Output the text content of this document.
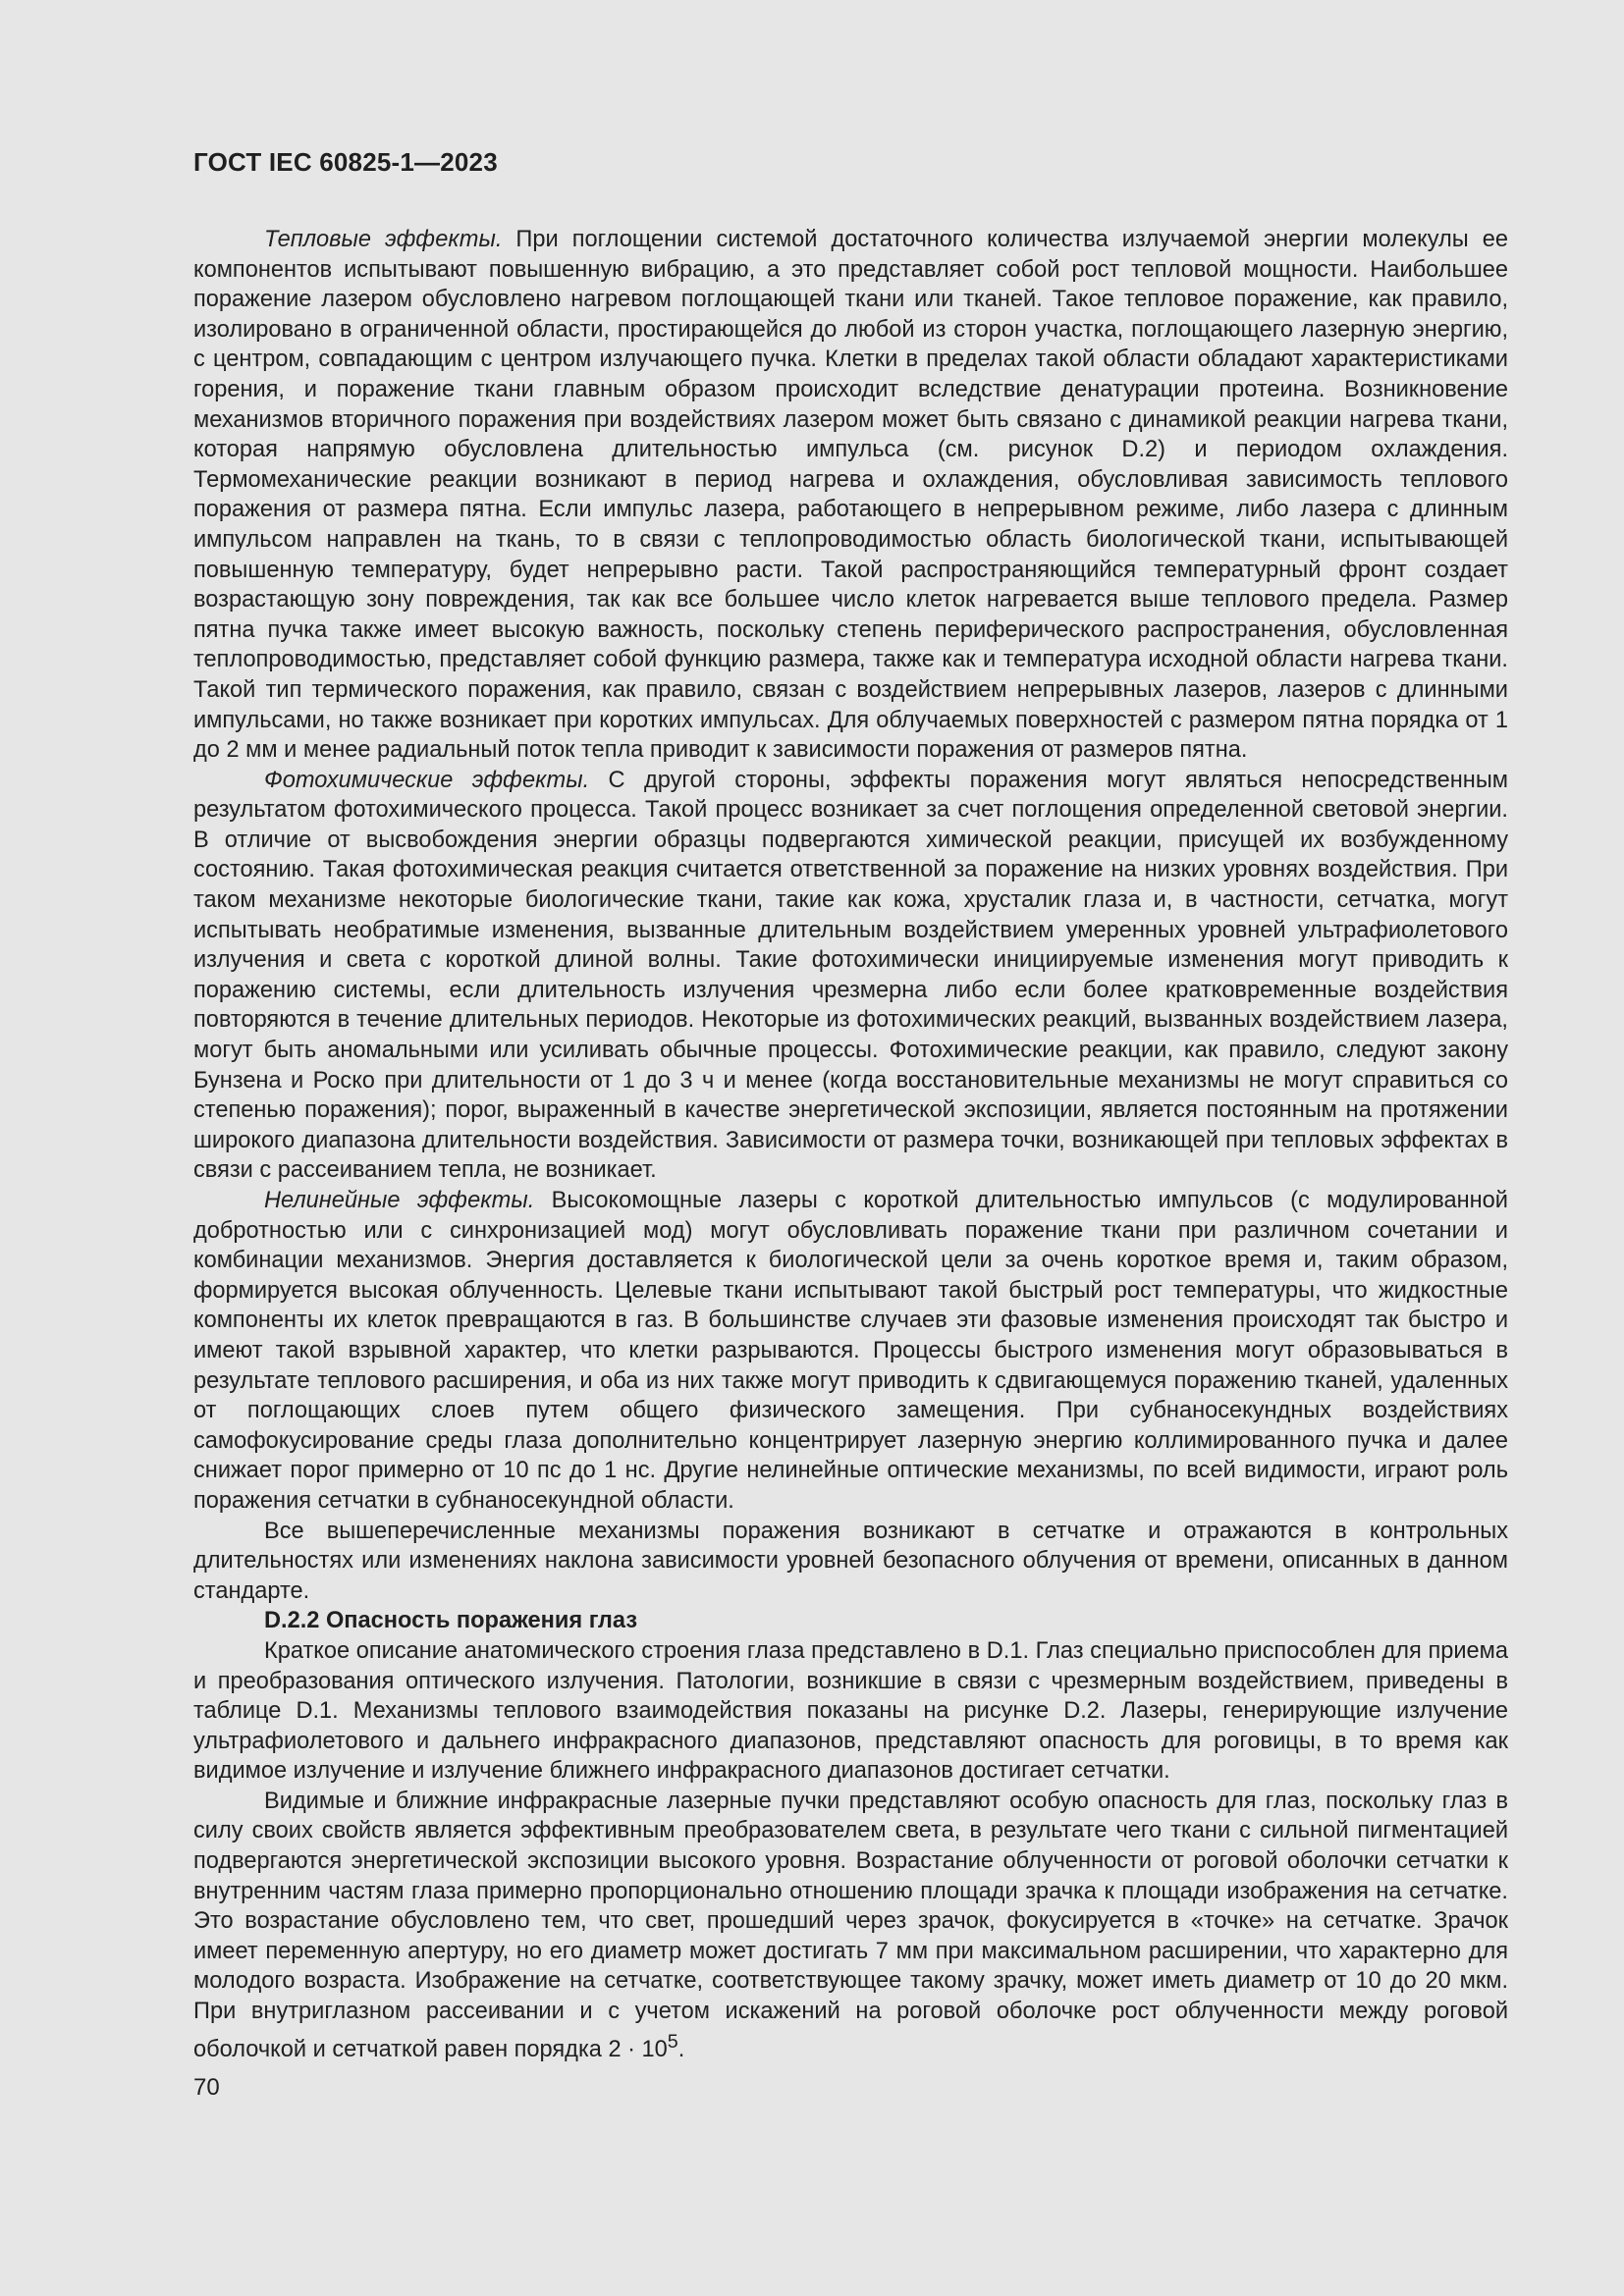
ГОСТ IEC 60825-1—2023

Тепловые эффекты. При поглощении системой достаточного количества излучаемой энергии молекулы ее компонентов испытывают повышенную вибрацию, а это представляет собой рост тепловой мощности. Наибольшее поражение лазером обусловлено нагревом поглощающей ткани или тканей. Такое тепловое поражение, как правило, изолировано в ограниченной области, простирающейся до любой из сторон участка, поглощающего лазерную энергию, с центром, совпадающим с центром излучающего пучка. Клетки в пределах такой области обладают характеристиками горения, и поражение ткани главным образом происходит вследствие денатурации протеина. Возникновение механизмов вторичного поражения при воздействиях лазером может быть связано с динамикой реакции нагрева ткани, которая напрямую обусловлена длительностью импульса (см. рисунок D.2) и периодом охлаждения. Термомеханические реакции возникают в период нагрева и охлаждения, обусловливая зависимость теплового поражения от размера пятна. Если импульс лазера, работающего в непрерывном режиме, либо лазера с длинным импульсом направлен на ткань, то в связи с теплопроводимостью область биологической ткани, испытывающей повышенную температуру, будет непрерывно расти. Такой распространяющийся температурный фронт создает возрастающую зону повреждения, так как все большее число клеток нагревается выше теплового предела. Размер пятна пучка также имеет высокую важность, поскольку степень периферического распространения, обусловленная теплопроводимостью, представляет собой функцию размера, также как и температура исходной области нагрева ткани. Такой тип термического поражения, как правило, связан с воздействием непрерывных лазеров, лазеров с длинными импульсами, но также возникает при коротких импульсах. Для облучаемых поверхностей с размером пятна порядка от 1 до 2 мм и менее радиальный поток тепла приводит к зависимости поражения от размеров пятна.

Фотохимические эффекты. С другой стороны, эффекты поражения могут являться непосредственным результатом фотохимического процесса. Такой процесс возникает за счет поглощения определенной световой энергии. В отличие от высвобождения энергии образцы подвергаются химической реакции, присущей их возбужденному состоянию. Такая фотохимическая реакция считается ответственной за поражение на низких уровнях воздействия. При таком механизме некоторые биологические ткани, такие как кожа, хрусталик глаза и, в частности, сетчатка, могут испытывать необратимые изменения, вызванные длительным воздействием умеренных уровней ультрафиолетового излучения и света с короткой длиной волны. Такие фотохимически инициируемые изменения могут приводить к поражению системы, если длительность излучения чрезмерна либо если более кратковременные воздействия повторяются в течение длительных периодов. Некоторые из фотохимических реакций, вызванных воздействием лазера, могут быть аномальными или усиливать обычные процессы. Фотохимические реакции, как правило, следуют закону Бунзена и Роско при длительности от 1 до 3 ч и менее (когда восстановительные механизмы не могут справиться со степенью поражения); порог, выраженный в качестве энергетической экспозиции, является постоянным на протяжении широкого диапазона длительности воздействия. Зависимости от размера точки, возникающей при тепловых эффектах в связи с рассеиванием тепла, не возникает.

Нелинейные эффекты. Высокомощные лазеры с короткой длительностью импульсов (с модулированной добротностью или с синхронизацией мод) могут обусловливать поражение ткани при различном сочетании и комбинации механизмов. Энергия доставляется к биологической цели за очень короткое время и, таким образом, формируется высокая облученность. Целевые ткани испытывают такой быстрый рост температуры, что жидкостные компоненты их клеток превращаются в газ. В большинстве случаев эти фазовые изменения происходят так быстро и имеют такой взрывной характер, что клетки разрываются. Процессы быстрого изменения могут образовываться в результате теплового расширения, и оба из них также могут приводить к сдвигающемуся поражению тканей, удаленных от поглощающих слоев путем общего физического замещения. При субнаносекундных воздействиях самофокусирование среды глаза дополнительно концентрирует лазерную энергию коллимированного пучка и далее снижает порог примерно от 10 пс до 1 нс. Другие нелинейные оптические механизмы, по всей видимости, играют роль поражения сетчатки в субнаносекундной области.

Все вышеперечисленные механизмы поражения возникают в сетчатке и отражаются в контрольных длительностях или изменениях наклона зависимости уровней безопасного облучения от времени, описанных в данном стандарте.

D.2.2 Опасность поражения глаз

Краткое описание анатомического строения глаза представлено в D.1. Глаз специально приспособлен для приема и преобразования оптического излучения. Патологии, возникшие в связи с чрезмерным воздействием, приведены в таблице D.1. Механизмы теплового взаимодействия показаны на рисунке D.2. Лазеры, генерирующие излучение ультрафиолетового и дальнего инфракрасного диапазонов, представляют опасность для роговицы, в то время как видимое излучение и излучение ближнего инфракрасного диапазонов достигает сетчатки.

Видимые и ближние инфракрасные лазерные пучки представляют особую опасность для глаз, поскольку глаз в силу своих свойств является эффективным преобразователем света, в результате чего ткани с сильной пигментацией подвергаются энергетической экспозиции высокого уровня. Возрастание облученности от роговой оболочки сетчатки к внутренним частям глаза примерно пропорционально отношению площади зрачка к площади изображения на сетчатке. Это возрастание обусловлено тем, что свет, прошедший через зрачок, фокусируется в «точке» на сетчатке. Зрачок имеет переменную апертуру, но его диаметр может достигать 7 мм при максимальном расширении, что характерно для молодого возраста. Изображение на сетчатке, соответствующее такому зрачку, может иметь диаметр от 10 до 20 мкм. При внутриглазном рассеивании и с учетом искажений на роговой оболочке рост облученности между роговой оболочкой и сетчаткой равен порядка $2 \cdot 10^5$.

70
